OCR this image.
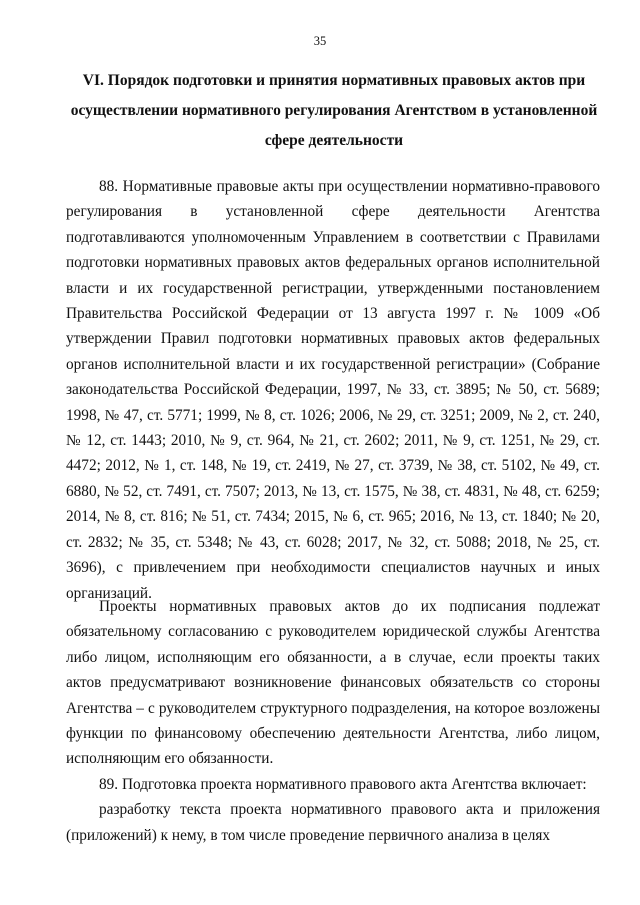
35
VI. Порядок подготовки и принятия нормативных правовых актов при
осуществлении нормативного регулирования Агентством в установленной
сфере деятельности

88. Нормативные правовые акты при осуществлении нормативно-правового регулирования в установленной сфере деятельности Агентства подготавливаются уполномоченным Управлением в соответствии с Правилами подготовки нормативных правовых актов федеральных органов исполнительной власти и их государственной регистрации, утвержденными постановлением Правительства Российской Федерации от 13 августа 1997 г. № 1009 «Об утверждении Правил подготовки нормативных правовых актов федеральных органов исполнительной власти и их государственной регистрации» (Собрание законодательства Российской Федерации, 1997, № 33, ст. 3895; № 50, ст. 5689; 1998, № 47, ст. 5771; 1999, № 8, ст. 1026; 2006, № 29, ст. 3251; 2009, № 2, ст. 240, № 12, ст. 1443; 2010, № 9, ст. 964, № 21, ст. 2602; 2011, № 9, ст. 1251, № 29, ст. 4472; 2012, № 1, ст. 148, № 19, ст. 2419, № 27, ст. 3739, № 38, ст. 5102, № 49, ст. 6880, № 52, ст. 7491, ст. 7507; 2013, № 13, ст. 1575, № 38, ст. 4831, № 48, ст. 6259; 2014, № 8, ст. 816; № 51, ст. 7434; 2015, № 6, ст. 965; 2016, № 13, ст. 1840; № 20, ст. 2832; № 35, ст. 5348; № 43, ст. 6028; 2017, № 32, ст. 5088; 2018, № 25, ст. 3696), с привлечением при необходимости специалистов научных и иных организаций.

Проекты нормативных правовых актов до их подписания подлежат обязательному согласованию с руководителем юридической службы Агентства либо лицом, исполняющим его обязанности, а в случае, если проекты таких актов предусматривают возникновение финансовых обязательств со стороны Агентства – с руководителем структурного подразделения, на которое возложены функции по финансовому обеспечению деятельности Агентства, либо лицом, исполняющим его обязанности.

89. Подготовка проекта нормативного правового акта Агентства включает:

разработку текста проекта нормативного правового акта и приложения (приложений) к нему, в том числе проведение первичного анализа в целях
